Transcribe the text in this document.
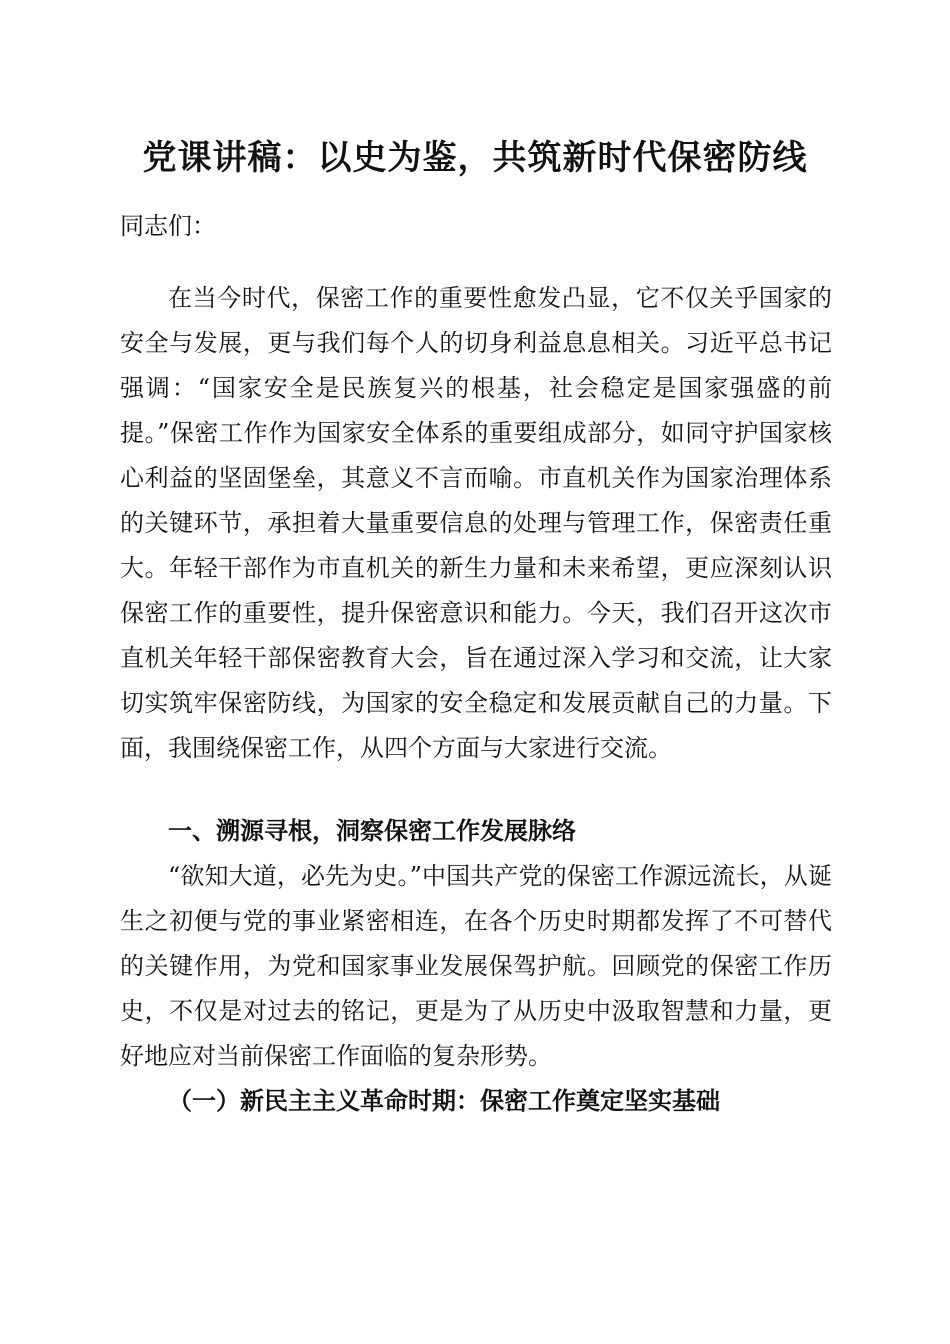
党课讲稿：以史为鉴，共筑新时代保密防线

同志们：

在当今时代，保密工作的重要性愈发凸显，它不仅关乎国家的安全与发展，更与我们每个人的切身利益息息相关。习近平总书记强调：“国家安全是民族复兴的根基，社会稳定是国家强盛的前提。”保密工作作为国家安全体系的重要组成部分，如同守护国家核心利益的坚固堡垒，其意义不言而喻。市直机关作为国家治理体系的关键环节，承担着大量重要信息的处理与管理工作，保密责任重大。年轻干部作为市直机关的新生力量和未来希望，更应深刻认识保密工作的重要性，提升保密意识和能力。今天，我们召开这次市直机关年轻干部保密教育大会，旨在通过深入学习和交流，让大家切实筑牢保密防线，为国家的安全稳定和发展贡献自己的力量。下面，我围绕保密工作，从四个方面与大家进行交流。

一、溯源寻根，洞察保密工作发展脉络

“欲知大道，必先为史。”中国共产党的保密工作源远流长，从诞生之初便与党的事业紧密相连，在各个历史时期都发挥了不可替代的关键作用，为党和国家事业发展保驾护航。回顾党的保密工作历史，不仅是对过去的铭记，更是为了从历史中汲取智慧和力量，更好地应对当前保密工作面临的复杂形势。

（一）新民主主义革命时期：保密工作奠定坚实基础
